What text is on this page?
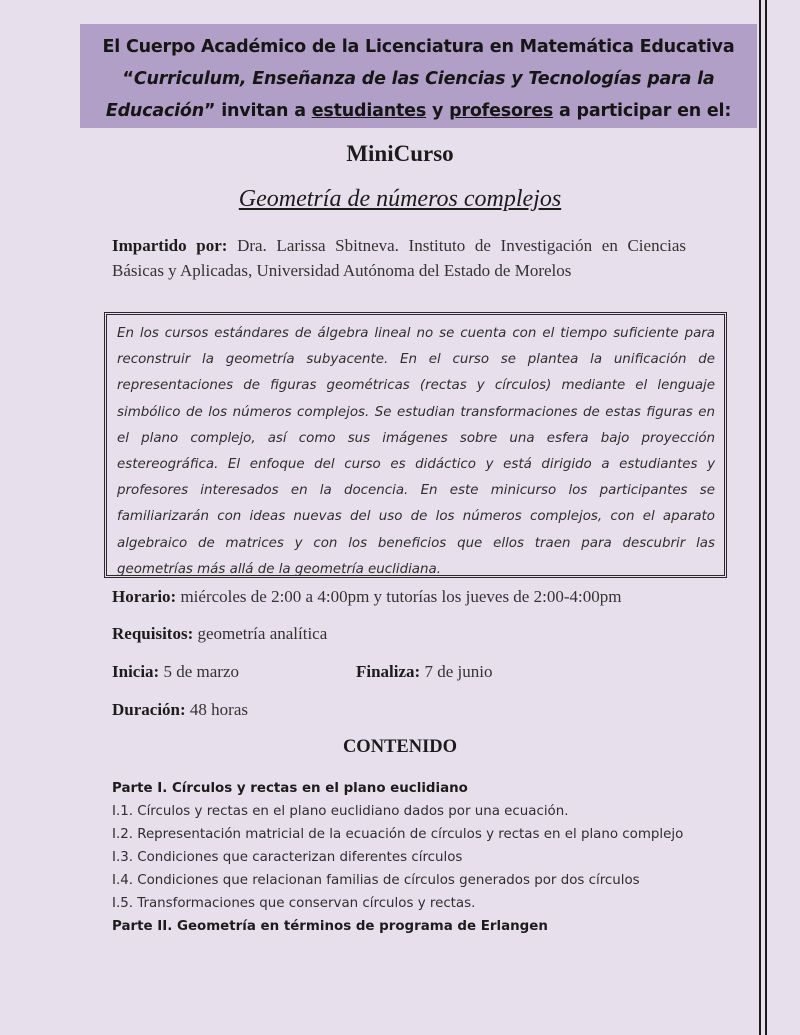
El Cuerpo Académico de la Licenciatura en Matemática Educativa
“Curriculum, Enseñanza de las Ciencias y Tecnologías para la
Educación” invitan a estudiantes y profesores a participar en el:
MiniCurso
Geometría de números complejos
Impartido por: Dra. Larissa Sbitneva. Instituto de Investigación en Ciencias Básicas y Aplicadas, Universidad Autónoma del Estado de Morelos
En los cursos estándares de álgebra lineal no se cuenta con el tiempo suficiente para reconstruir la geometría subyacente. En el curso se plantea la unificación de representaciones de figuras geométricas (rectas y círculos) mediante el lenguaje simbólico de los números complejos. Se estudian transformaciones de estas figuras en el plano complejo, así como sus imágenes sobre una esfera bajo proyección estereográfica. El enfoque del curso es didáctico y está dirigido a estudiantes y profesores interesados en la docencia. En este minicurso los participantes se familiarizarán con ideas nuevas del uso de los números complejos, con el aparato algebraico de matrices y con los beneficios que ellos traen para descubrir las geometrías más allá de la geometría euclidiana.
Horario: miércoles de 2:00 a 4:00pm y tutorías los jueves de 2:00-4:00pm
Requisitos: geometría analítica
Inicia: 5 de marzo	Finaliza: 7 de junio
Duración: 48 horas
CONTENIDO
Parte I. Círculos y rectas en el plano euclidiano
I.1. Círculos y rectas en el plano euclidiano dados por una ecuación.
I.2. Representación matricial de la ecuación de círculos y rectas en el plano complejo
I.3. Condiciones que caracterizan diferentes círculos
I.4. Condiciones que relacionan familias de círculos generados por dos círculos
I.5. Transformaciones que conservan círculos y rectas.
Parte II. Geometría en términos de programa de Erlangen
